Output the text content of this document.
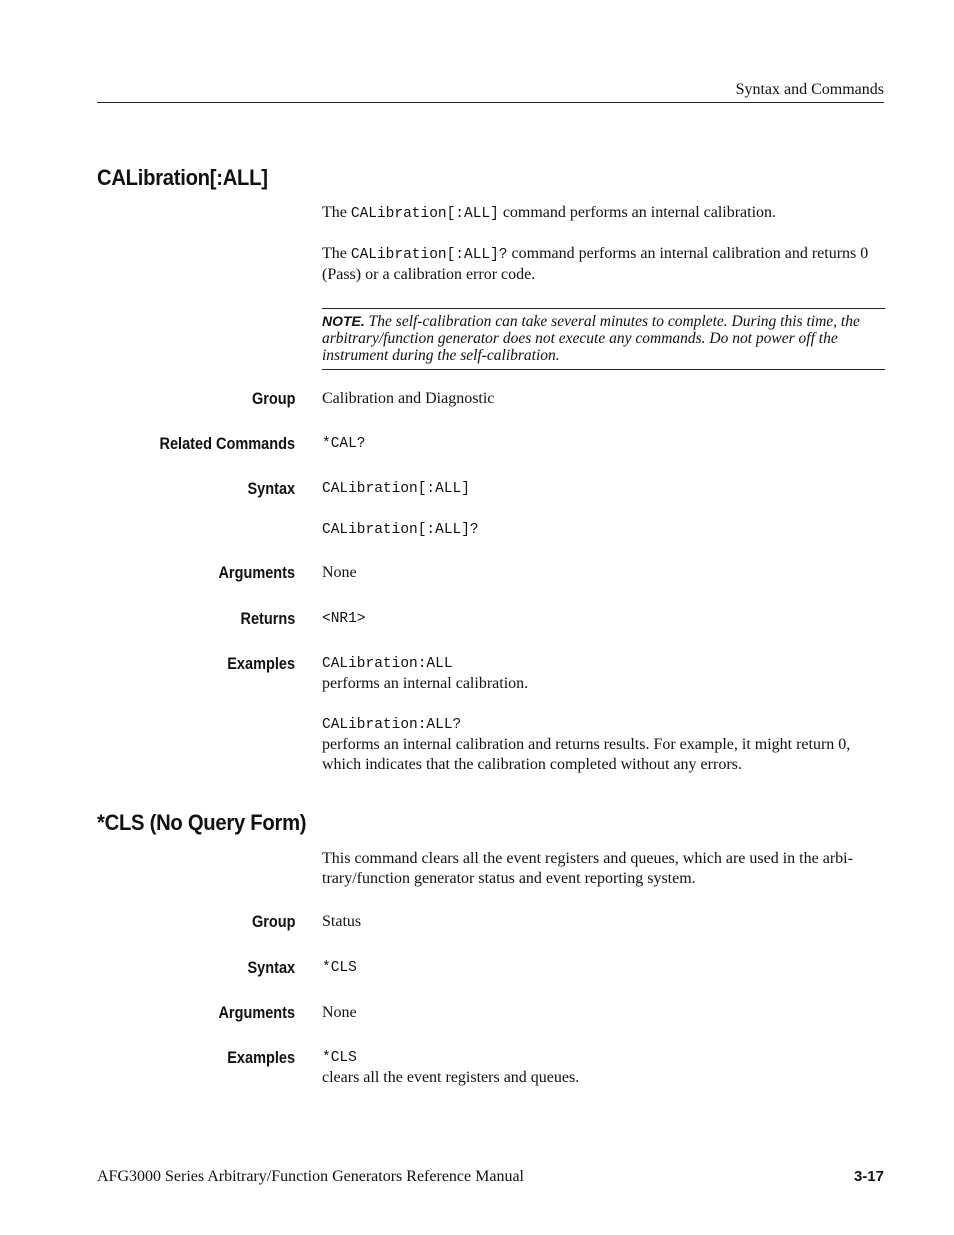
Syntax and Commands
CALibration[:ALL]
The CALibration[:ALL] command performs an internal calibration.
The CALibration[:ALL]? command performs an internal calibration and returns 0 (Pass) or a calibration error code.
NOTE. The self-calibration can take several minutes to complete. During this time, the arbitrary/function generator does not execute any commands. Do not power off the instrument during the self-calibration.
Group Calibration and Diagnostic
Related Commands *CAL?
Syntax CALibration[:ALL]
CALibration[:ALL]?
Arguments None
Returns <NR1>
Examples CALibration:ALL
performs an internal calibration.
CALibration:ALL?
performs an internal calibration and returns results. For example, it might return 0, which indicates that the calibration completed without any errors.
*CLS (No Query Form)
This command clears all the event registers and queues, which are used in the arbi-trary/function generator status and event reporting system.
Group Status
Syntax *CLS
Arguments None
Examples *CLS
clears all the event registers and queues.
AFG3000 Series Arbitrary/Function Generators Reference Manual	3-17
